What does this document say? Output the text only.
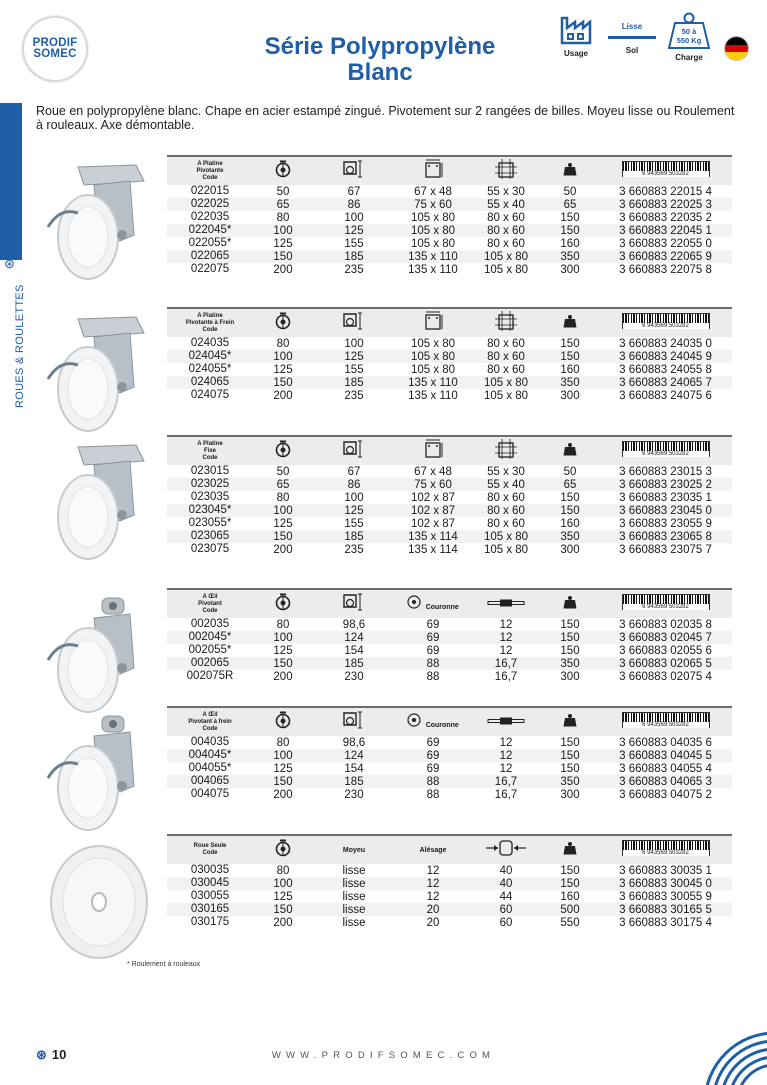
PRODIF
SOMEC	Série Polypropylène
Blanc
Usage
Lisse
Sol
50 à
550 Kg
Charge
⊛
ROUES & ROULETTES
Roue en polypropylène blanc. Chape en acier estampé zingué. Pivotement sur 2 rangées de billes. Moyeu lisse ou Roulement à rouleaux. Axe démontable.
A Platine
Pivotante
Code
6 943569 503282
022015	50	67	67 x 48	55 x 30	50	3 660883 22015 4
022025	65	86	75 x 60	55 x 40	65	3 660883 22025 3
022035	80	100	105 x 80	80 x 60	150	3 660883 22035 2
022045*	100	125	105 x 80	80 x 60	150	3 660883 22045 1
022055*	125	155	105 x 80	80 x 60	160	3 660883 22055 0
022065	150	185	135 x 110	105 x 80	350	3 660883 22065 9
022075	200	235	135 x 110	105 x 80	300	3 660883 22075 8
A Platine
Pivotante à Frein
Code
6 943569 503282
024035	80	100	105 x 80	80 x 60	150	3 660883 24035 0
024045*	100	125	105 x 80	80 x 60	150	3 660883 24045 9
024055*	125	155	105 x 80	80 x 60	160	3 660883 24055 8
024065	150	185	135 x 110	105 x 80	350	3 660883 24065 7
024075	200	235	135 x 110	105 x 80	300	3 660883 24075 6
A Platine
Fixe
Code
6 943569 503282
023015	50	67	67 x 48	55 x 30	50	3 660883 23015 3
023025	65	86	75 x 60	55 x 40	65	3 660883 23025 2
023035	80	100	102 x 87	80 x 60	150	3 660883 23035 1
023045*	100	125	102 x 87	80 x 60	150	3 660883 23045 0
023055*	125	155	102 x 87	80 x 60	160	3 660883 23055 9
023065	150	185	135 x 114	105 x 80	350	3 660883 23065 8
023075	200	235	135 x 114	105 x 80	300	3 660883 23075 7
A Œil
Pivotant
Code	Couronne	6 943569 503282
002035	80	98,6	69	12	150	3 660883 02035 8
002045*	100	124	69	12	150	3 660883 02045 7
002055*	125	154	69	12	150	3 660883 02055 6
002065	150	185	88	16,7	350	3 660883 02065 5
002075R	200	230	88	16,7	300	3 660883 02075 4
A Œil
Pivotant à frein
Code	Couronne	6 943569 503282
004035	80	98,6	69	12	150	3 660883 04035 6
004045*	100	124	69	12	150	3 660883 04045 5
004055*	125	154	69	12	150	3 660883 04055 4
004065	150	185	88	16,7	350	3 660883 04065 3
004075	200	230	88	16,7	300	3 660883 04075 2
Roue Seule
Code	Moyeu	Alésage	6 943569 503282
030035	80	lisse	12	40	150	3 660883 30035 1
030045	100	lisse	12	40	150	3 660883 30045 0
030055	125	lisse	12	44	160	3 660883 30055 9
030165	150	lisse	20	60	500	3 660883 30165 5
030175	200	lisse	20	60	550	3 660883 30175 4
* Roulement à rouleaux
⊛ 10	WWW.PRODIFSOMEC.COM
